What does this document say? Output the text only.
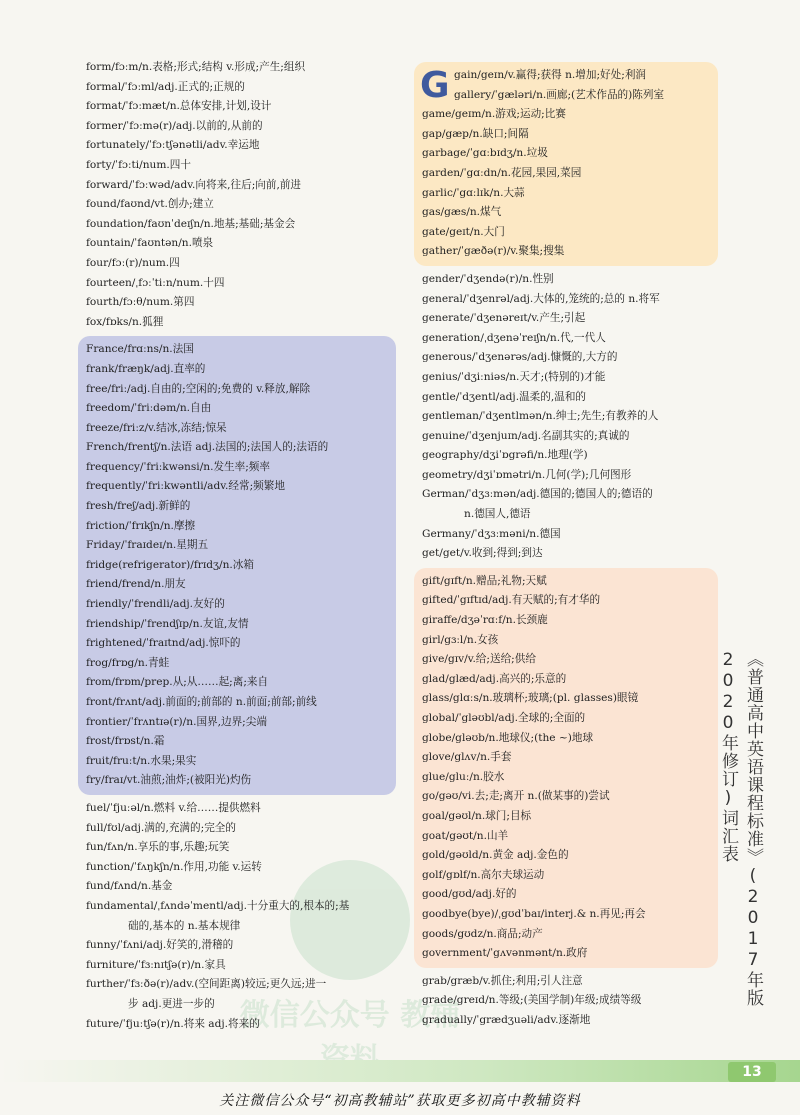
微信公众号 教辅
form/fɔːm/n.表格;形式;结构 v.形成;产生;组织
formal/ˈfɔːml/adj.正式的;正规的
format/ˈfɔːmæt/n.总体安排,计划,设计
former/ˈfɔːmə(r)/adj.以前的,从前的
fortunately/ˈfɔːtʃənətli/adv.幸运地
forty/ˈfɔːti/num.四十
forward/ˈfɔːwəd/adv.向将来,往后;向前,前进
found/faʊnd/vt.创办;建立
foundation/faʊnˈdeɪʃn/n.地基;基础;基金会
fountain/ˈfaʊntən/n.喷泉
four/fɔː(r)/num.四
fourteen/ˌfɔːˈtiːn/num.十四
fourth/fɔːθ/num.第四
fox/fɒks/n.狐狸
France/frɑːns/n.法国
frank/fræŋk/adj.直率的
free/friː/adj.自由的;空闲的;免费的 v.释放,解除
freedom/ˈfriːdəm/n.自由
freeze/friːz/v.结冰,冻结;惊呆
French/frentʃ/n.法语 adj.法国的;法国人的;法语的
frequency/ˈfriːkwənsi/n.发生率;频率
frequently/ˈfriːkwəntli/adv.经常;频繁地
fresh/freʃ/adj.新鲜的
friction/ˈfrɪkʃn/n.摩擦
Friday/ˈfraɪdeɪ/n.星期五
fridge(refrigerator)/frɪdʒ/n.冰箱
friend/frend/n.朋友
friendly/ˈfrendli/adj.友好的
friendship/ˈfrendʃɪp/n.友谊,友情
frightened/ˈfraɪtnd/adj.惊吓的
frog/frɒg/n.青蛙
from/frɒm/prep.从;从……起;离;来自
front/frʌnt/adj.前面的;前部的 n.前面;前部;前线
frontier/ˈfrʌntɪə(r)/n.国界,边界;尖端
frost/frɒst/n.霜
fruit/fruːt/n.水果;果实
fry/fraɪ/vt.油煎;油炸;(被阳光)灼伤
fuel/ˈfjuːəl/n.燃料 v.给……提供燃料
full/fʊl/adj.满的,充满的;完全的
fun/fʌn/n.享乐的事,乐趣;玩笑
function/ˈfʌŋkʃn/n.作用,功能 v.运转
fund/fʌnd/n.基金
fundamental/ˌfʌndəˈmentl/adj.十分重大的,根本的;基
础的,基本的 n.基本规律
funny/ˈfʌni/adj.好笑的,滑稽的
furniture/ˈfɜːnɪtʃə(r)/n.家具
further/ˈfɜːðə(r)/adv.(空间距离)较远;更久远;进一
步 adj.更进一步的
future/ˈfjuːtʃə(r)/n.将来 adj.将来的
G gain/geɪn/v.赢得;获得 n.增加;好处;利润
gallery/ˈgæləri/n.画廊;(艺术作品的)陈列室
game/geɪm/n.游戏;运动;比赛
gap/gæp/n.缺口;间隔
garbage/ˈgɑːbɪdʒ/n.垃圾
garden/ˈgɑːdn/n.花园,果园,菜园
garlic/ˈgɑːlɪk/n.大蒜
gas/gæs/n.煤气
gate/geɪt/n.大门
gather/ˈgæðə(r)/v.聚集;搜集
gender/ˈdʒendə(r)/n.性别
general/ˈdʒenrəl/adj.大体的,笼统的;总的 n.将军
generate/ˈdʒenəreɪt/v.产生;引起
generation/ˌdʒenəˈreɪʃn/n.代,一代人
generous/ˈdʒenərəs/adj.慷慨的,大方的
genius/ˈdʒiːniəs/n.天才;(特别的)才能
gentle/ˈdʒentl/adj.温柔的,温和的
gentleman/ˈdʒentlmən/n.绅士;先生;有教养的人
genuine/ˈdʒenjuɪn/adj.名副其实的;真诚的
geography/dʒiˈɒgrəfi/n.地理(学)
geometry/dʒiˈɒmətri/n.几何(学);几何图形
German/ˈdʒɜːmən/adj.德国的;德国人的;德语的
n.德国人,德语
Germany/ˈdʒɜːməni/n.德国
get/get/v.收到;得到;到达
gift/gɪft/n.赠品;礼物;天赋
gifted/ˈgɪftɪd/adj.有天赋的;有才华的
giraffe/dʒəˈrɑːf/n.长颈鹿
girl/gɜːl/n.女孩
give/gɪv/v.给;送给;供给
glad/glæd/adj.高兴的;乐意的
glass/glɑːs/n.玻璃杯;玻璃;(pl. glasses)眼镜
global/ˈgləʊbl/adj.全球的;全面的
globe/gləʊb/n.地球仪;(the ~)地球
glove/glʌv/n.手套
glue/gluː/n.胶水
go/gəʊ/vi.去;走;离开 n.(做某事的)尝试
goal/gəʊl/n.球门;目标
goat/gəʊt/n.山羊
gold/gəʊld/n.黄金 adj.金色的
golf/gɒlf/n.高尔夫球运动
good/gʊd/adj.好的
goodbye(bye)/ˌgʊdˈbaɪ/interj.& n.再见;再会
goods/gʊdz/n.商品;动产
government/ˈgʌvənmənt/n.政府
grab/græb/v.抓住;利用;引人注意
grade/greɪd/n.等级;(美国学制)年级;成绩等级
gradually/ˈgrædʒuəli/adv.逐渐地
《普通高中英语课程标准》(2017年版2020年修订)词汇表
13
关注微信公众号“初高教辅站”获取更多初高中教辅资料
